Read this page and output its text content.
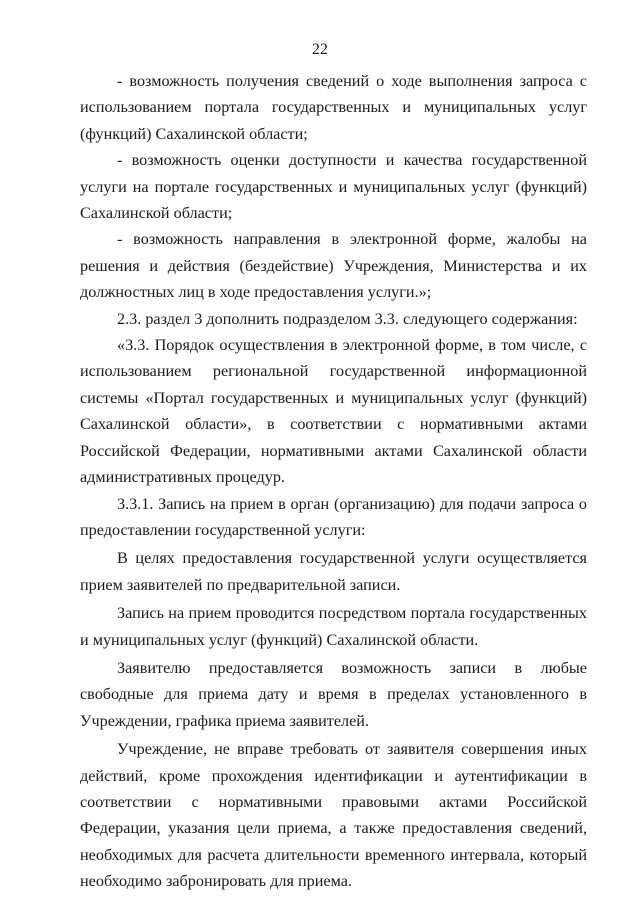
22

- возможность получения сведений о ходе выполнения запроса с использованием портала государственных и муниципальных услуг (функций) Сахалинской области;

- возможность оценки доступности и качества государственной услуги на портале государственных и муниципальных услуг (функций) Сахалинской области;

- возможность направления в электронной форме, жалобы на решения и действия (бездействие) Учреждения, Министерства и их должностных лиц в ходе предоставления услуги.»;

2.3. раздел 3 дополнить подразделом 3.3. следующего содержания:

«3.3. Порядок осуществления в электронной форме, в том числе, с использованием региональной государственной информационной системы «Портал государственных и муниципальных услуг (функций) Сахалинской области», в соответствии с нормативными актами Российской Федерации, нормативными актами Сахалинской области административных процедур.

3.3.1. Запись на прием в орган (организацию) для подачи запроса о предоставлении государственной услуги:

В целях предоставления государственной услуги осуществляется прием заявителей по предварительной записи.

Запись на прием проводится посредством портала государственных и муниципальных услуг (функций) Сахалинской области.

Заявителю предоставляется возможность записи в любые свободные для приема дату и время в пределах установленного в Учреждении, графика приема заявителей.

Учреждение, не вправе требовать от заявителя совершения иных действий, кроме прохождения идентификации и аутентификации в соответствии с нормативными правовыми актами Российской Федерации, указания цели приема, а также предоставления сведений, необходимых для расчета длительности временного интервала, который необходимо забронировать для приема.
